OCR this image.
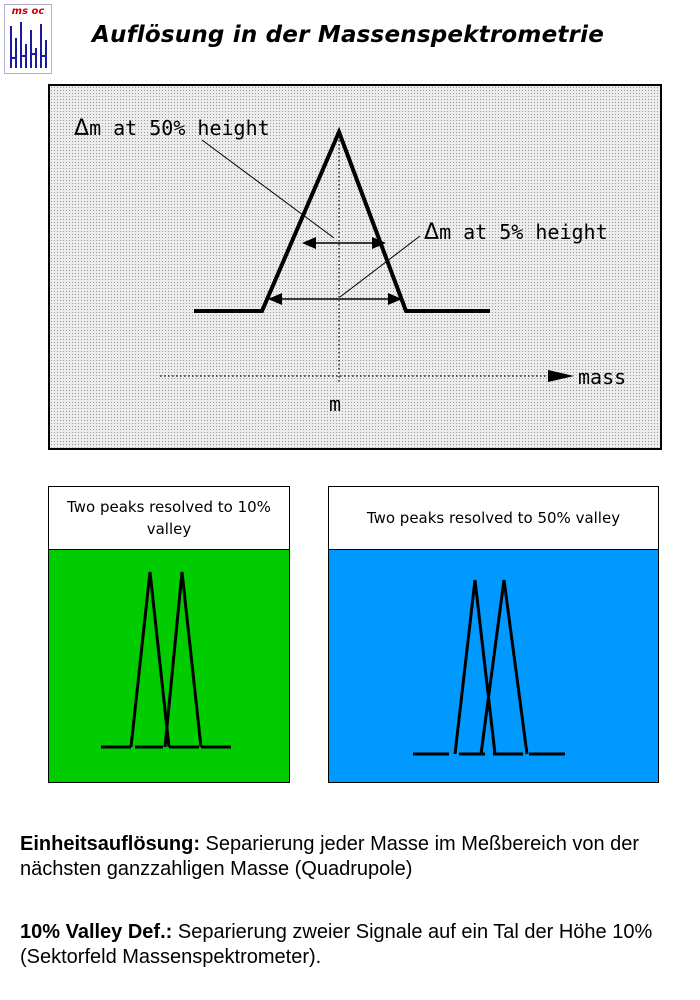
ms oc
Auflösung in der Massenspektrometrie
Δm at 50% height
Δm at 5% height
mass
m
Two peaks resolved to 10% valley
Two peaks resolved to 50% valley
Einheitsauflösung: Separierung jeder Masse im Meßbereich von der nächsten ganzzahligen Masse (Quadrupole)
10% Valley Def.: Separierung zweier Signale auf ein Tal der Höhe 10% (Sektorfeld Massenspektrometer).
